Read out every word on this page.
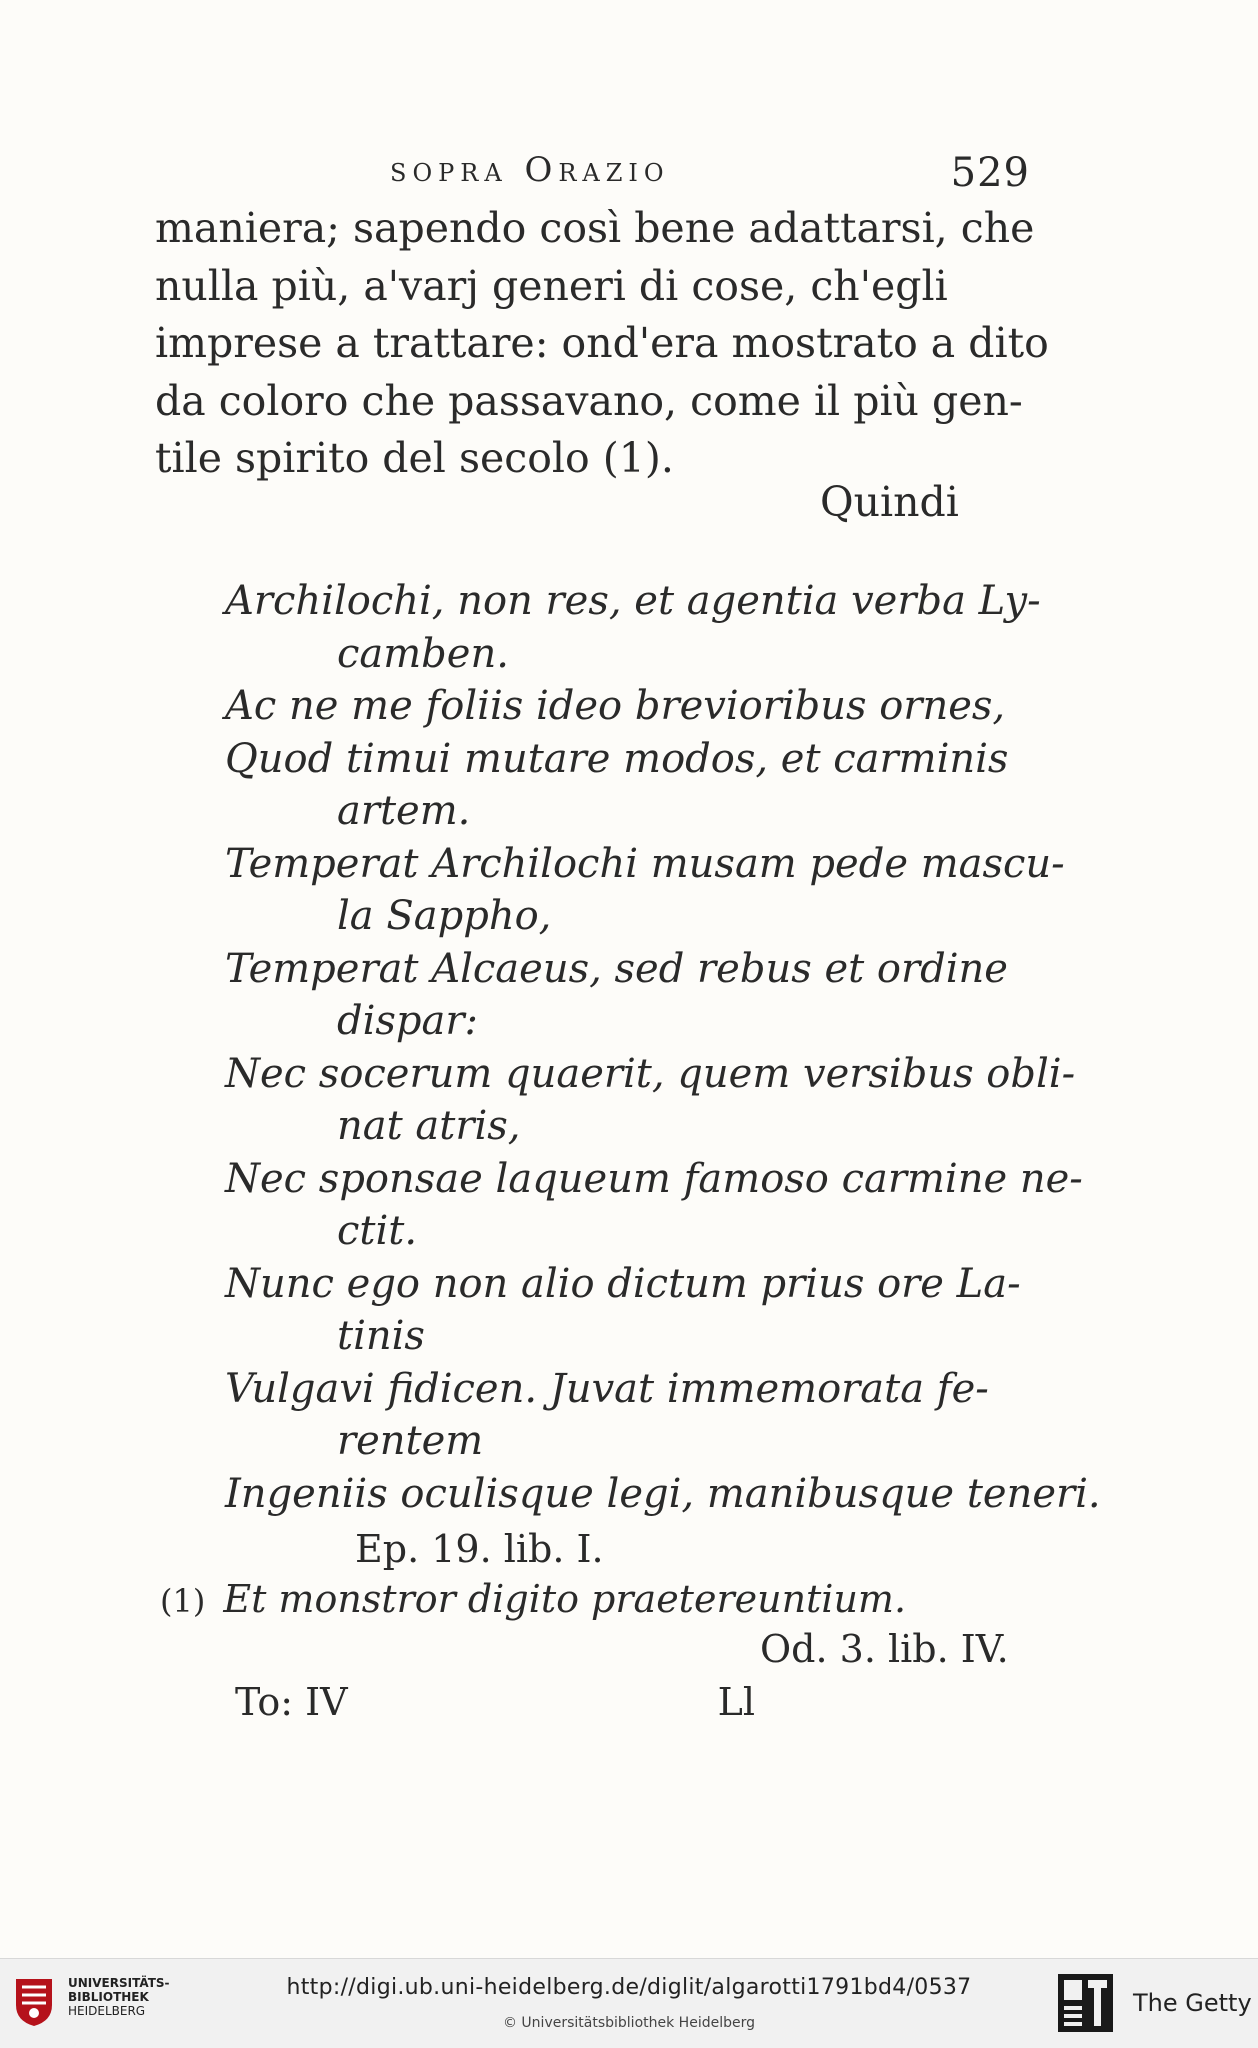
sopra Orazio	529
maniera; sapendo così bene adattarsi, che
nulla più, a'varj generi di cose, ch'egli
imprese a trattare: ond'era mostrato a dito
da coloro che passavano, come il più gen-
tile spirito del secolo (1).
Quindi
Archilochi, non res, et agentia verba Ly-
camben.
Ac ne me foliis ideo brevioribus ornes,
Quod timui mutare modos, et carminis
artem.
Temperat Archilochi musam pede mascu-
la Sappho,
Temperat Alcaeus, sed rebus et ordine
dispar:
Nec socerum quaerit, quem versibus obli-
nat atris,
Nec sponsae laqueum famoso carmine ne-
ctit.
Nunc ego non alio dictum prius ore La-
tinis
Vulgavi fidicen. Juvat immemorata fe-
rentem
Ingeniis oculisque legi, manibusque teneri.
Ep. 19. lib. I.
(1) Et monstror digito praetereuntium.
Od. 3. lib. IV.
To: IV	Ll
UNIVERSITÄTS-
BIBLIOTHEK
HEIDELBERG
http://digi.ub.uni-heidelberg.de/diglit/algarotti1791bd4/0537
© Universitätsbibliothek Heidelberg
The Getty
